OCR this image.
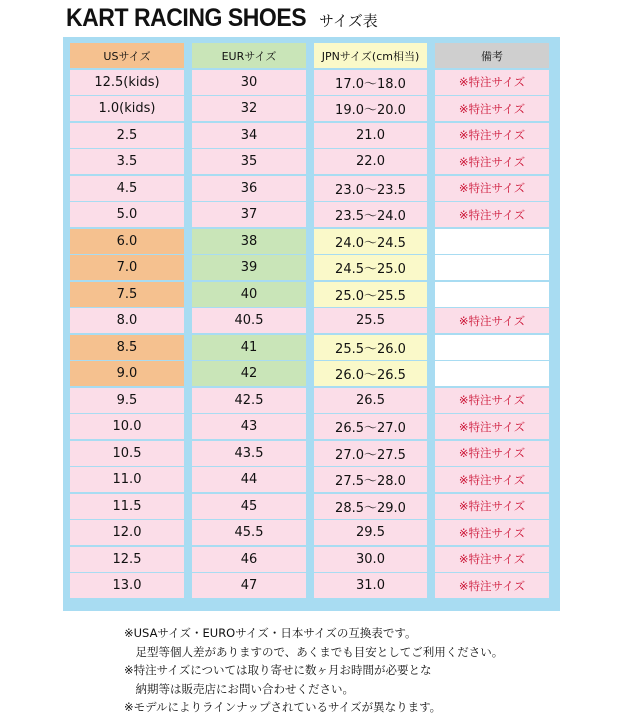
KART RACING SHOES サイズ表
USサイズ	EURサイズ	JPNサイズ(cm相当)	備考
12.5(kids)	30	17.0〜18.0	※特注サイズ
1.0(kids)	32	19.0〜20.0	※特注サイズ
2.5	34	21.0	※特注サイズ
3.5	35	22.0	※特注サイズ
4.5	36	23.0〜23.5	※特注サイズ
5.0	37	23.5〜24.0	※特注サイズ
6.0	38	24.0〜24.5
7.0	39	24.5〜25.0
7.5	40	25.0〜25.5
8.0	40.5	25.5	※特注サイズ
8.5	41	25.5〜26.0
9.0	42	26.0〜26.5
9.5	42.5	26.5	※特注サイズ
10.0	43	26.5〜27.0	※特注サイズ
10.5	43.5	27.0〜27.5	※特注サイズ
11.0	44	27.5〜28.0	※特注サイズ
11.5	45	28.5〜29.0	※特注サイズ
12.0	45.5	29.5	※特注サイズ
12.5	46	30.0	※特注サイズ
13.0	47	31.0	※特注サイズ
※USAサイズ・EUROサイズ・日本サイズの互換表です。
　足型等個人差がありますので、あくまでも目安としてご利用ください。
※特注サイズについては取り寄せに数ヶ月お時間が必要とな
　納期等は販売店にお問い合わせください。
※モデルによりラインナップされているサイズが異なります。
